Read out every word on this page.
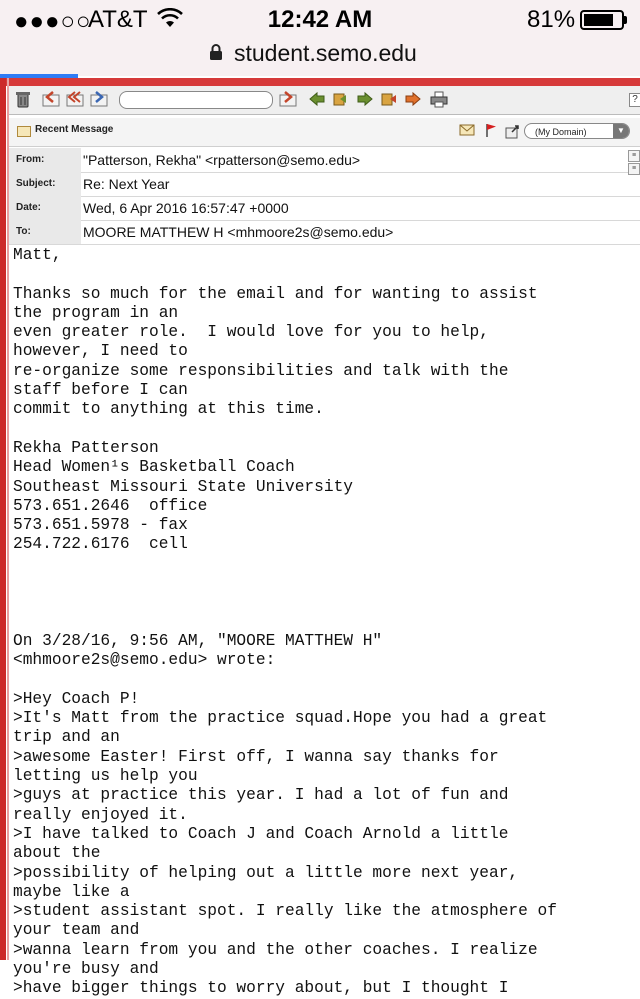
●●●○○
AT&T	12:42 AM	81%
student.semo.edu
?
Recent Message	(My Domain)	▼
From:	"Patterson, Rekha" <rpatterson@semo.edu>
Subject:	Re: Next Year
Date:	Wed, 6 Apr 2016 16:57:47 +0000
To:	MOORE MATTHEW H <mhmoore2s@semo.edu>
≡
≡
Matt,

Thanks so much for the email and for wanting to assist
the program in an
even greater role.  I would love for you to help,
however, I need to
re-organize some responsibilities and talk with the
staff before I can
commit to anything at this time.

Rekha Patterson
Head Women¹s Basketball Coach
Southeast Missouri State University
573.651.2646  office
573.651.5978 - fax
254.722.6176  cell

On 3/28/16, 9:56 AM, "MOORE MATTHEW H"
<mhmoore2s@semo.edu> wrote:

>Hey Coach P!
>It's Matt from the practice squad.Hope you had a great
trip and an
>awesome Easter! First off, I wanna say thanks for
letting us help you
>guys at practice this year. I had a lot of fun and
really enjoyed it.
>I have talked to Coach J and Coach Arnold a little
about the
>possibility of helping out a little more next year,
maybe like a
>student assistant spot. I really like the atmosphere of
your team and
>wanna learn from you and the other coaches. I realize
you're busy and
>have bigger things to worry about, but I thought I
